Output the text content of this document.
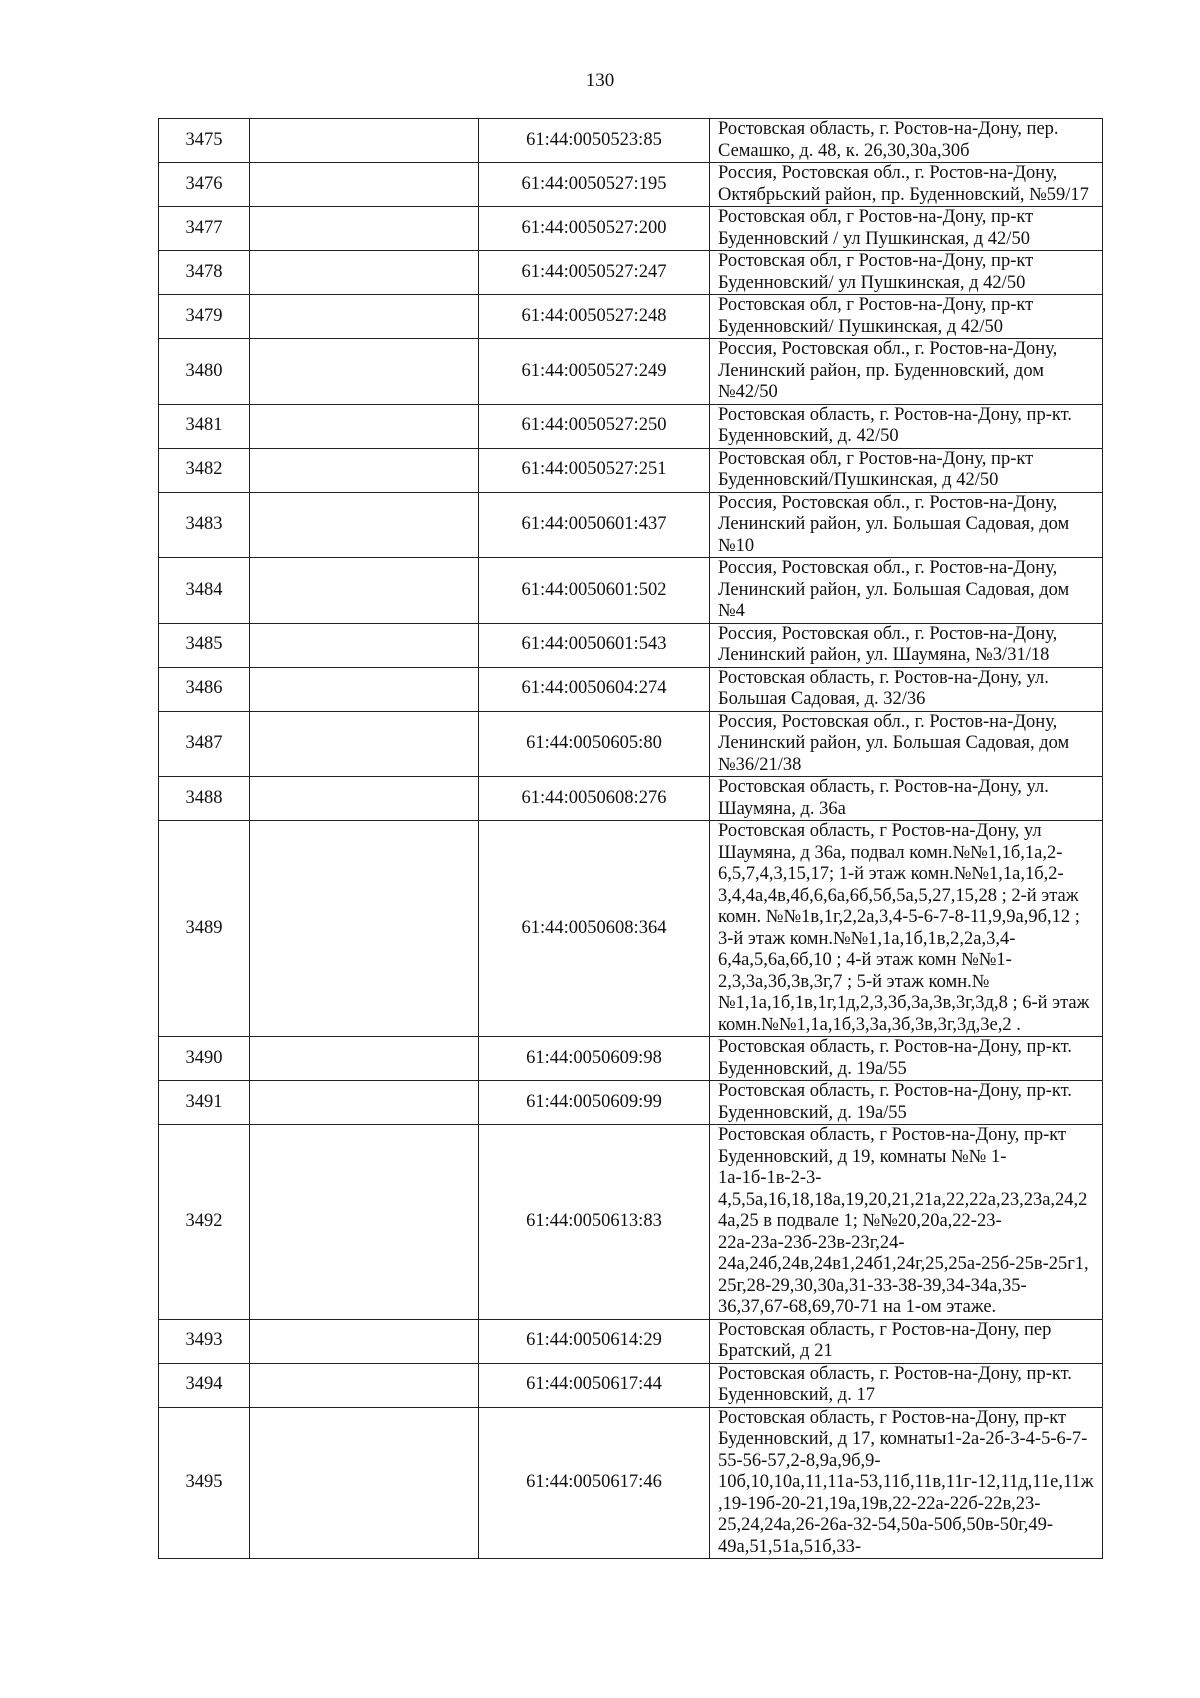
130
3475		61:44:0050523:85	Ростовская область, г. Ростов-на-Дону, пер. Семашко, д. 48, к. 26,30,30а,30б
3476		61:44:0050527:195	Россия, Ростовская обл., г. Ростов-на-Дону, Октябрьский район, пр. Буденновский, №59/17
3477		61:44:0050527:200	Ростовская обл, г Ростов-на-Дону, пр-кт Буденновский / ул Пушкинская, д 42/50
3478		61:44:0050527:247	Ростовская обл, г Ростов-на-Дону, пр-кт Буденновский/ ул Пушкинская, д 42/50
3479		61:44:0050527:248	Ростовская обл, г Ростов-на-Дону, пр-кт Буденновский/ Пушкинская, д 42/50
3480		61:44:0050527:249	Россия, Ростовская обл., г. Ростов-на-Дону, Ленинский район, пр. Буденновский, дом №42/50
3481		61:44:0050527:250	Ростовская область, г. Ростов-на-Дону, пр-кт. Буденновский, д. 42/50
3482		61:44:0050527:251	Ростовская обл, г Ростов-на-Дону, пр-кт Буденновский/Пушкинская, д 42/50
3483		61:44:0050601:437	Россия, Ростовская обл., г. Ростов-на-Дону, Ленинский район, ул. Большая Садовая, дом №10
3484		61:44:0050601:502	Россия, Ростовская обл., г. Ростов-на-Дону, Ленинский район, ул. Большая Садовая, дом №4
3485		61:44:0050601:543	Россия, Ростовская обл., г. Ростов-на-Дону, Ленинский район, ул. Шаумяна, №3/31/18
3486		61:44:0050604:274	Ростовская область, г. Ростов-на-Дону, ул. Большая Садовая, д. 32/36
3487		61:44:0050605:80	Россия, Ростовская обл., г. Ростов-на-Дону, Ленинский район, ул. Большая Садовая, дом №36/21/38
3488		61:44:0050608:276	Ростовская область, г. Ростов-на-Дону, ул. Шаумяна, д. 36а
3489		61:44:0050608:364	Ростовская область, г Ростов-на-Дону, ул Шаумяна, д 36а, подвал комн.№№1,1б,1а,2-6,5,7,4,3,15,17; 1-й этаж комн.№№1,1а,1б,2-3,4,4а,4в,4б,6,6а,6б,5б,5а,5,27,15,28 ; 2-й этаж комн. №№1в,1г,2,2а,3,4-5-6-7-8-11,9,9а,9б,12 ; 3-й этаж комн.№№1,1а,1б,1в,2,2а,3,4-6,4а,5,6а,6б,10 ; 4-й этаж комн №№1-2,3,3а,3б,3в,3г,7 ; 5-й этаж комн.№№1,1а,1б,1в,1г,1д,2,3,3б,3а,3в,3г,3д,8 ; 6-й этаж комн.№№1,1а,1б,3,3а,3б,3в,3г,3д,3е,2 .
3490		61:44:0050609:98	Ростовская область, г. Ростов-на-Дону, пр-кт. Буденновский, д. 19а/55
3491		61:44:0050609:99	Ростовская область, г. Ростов-на-Дону, пр-кт. Буденновский, д. 19а/55
3492		61:44:0050613:83	Ростовская область, г Ростов-на-Дону, пр-кт Буденновский, д 19, комнаты №№ 1-1а-1б-1в-2-3-4,5,5а,16,18,18а,19,20,21,21а,22,22а,23,23а,24,24а,25 в подвале 1; №№20,20а,22-23-22а-23а-23б-23в-23г,24-24а,24б,24в,24в1,24б1,24г,25,25а-25б-25в-25г1,25г,28-29,30,30а,31-33-38-39,34-34а,35-36,37,67-68,69,70-71 на 1-ом этаже.
3493		61:44:0050614:29	Ростовская область, г Ростов-на-Дону, пер Братский, д 21
3494		61:44:0050617:44	Ростовская область, г. Ростов-на-Дону, пр-кт. Буденновский, д. 17
3495		61:44:0050617:46	Ростовская область, г Ростов-на-Дону, пр-кт Буденновский, д 17, комнаты1-2а-2б-3-4-5-6-7-55-56-57,2-8,9а,9б,9-10б,10,10а,11,11а-53,11б,11в,11г-12,11д,11е,11ж,19-19б-20-21,19а,19в,22-22а-22б-22в,23-25,24,24а,26-26а-32-54,50а-50б,50в-50г,49-49а,51,51а,51б,33-
